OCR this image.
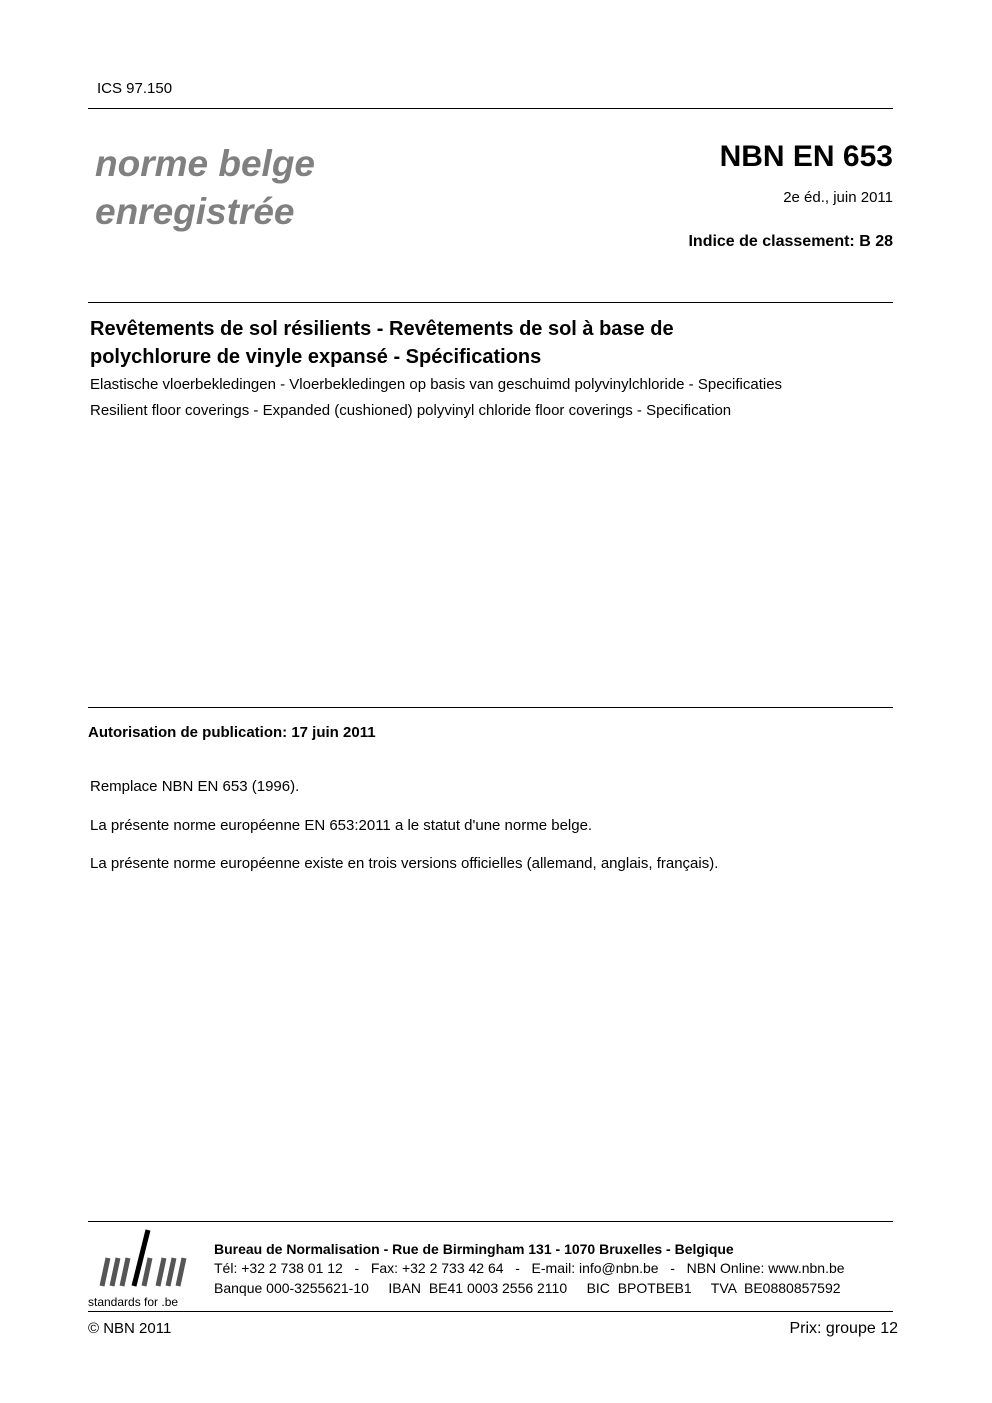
ICS 97.150
norme belge
enregistrée
NBN EN 653
2e éd., juin 2011
Indice de classement: B 28
Revêtements de sol résilients - Revêtements de sol à base de
polychlorure de vinyle expansé - Spécifications
Elastische vloerbekledingen - Vloerbekledingen op basis van geschuimd polyvinylchloride - Specificaties
Resilient floor coverings - Expanded (cushioned) polyvinyl chloride floor coverings - Specification
Autorisation de publication: 17 juin 2011
Remplace NBN EN 653 (1996).
La présente norme européenne EN 653:2011 a le statut d'une norme belge.
La présente norme européenne existe en trois versions officielles (allemand, anglais, français).
standards for .be
Bureau de Normalisation - Rue de Birmingham 131 - 1070 Bruxelles - Belgique
Tél: +32 2 738 01 12   -   Fax: +32 2 733 42 64   -   E-mail: info@nbn.be   -   NBN Online: www.nbn.be
Banque 000-3255621-10     IBAN  BE41 0003 2556 2110     BIC  BPOTBEB1     TVA  BE0880857592
© NBN 2011	Prix: groupe 12
